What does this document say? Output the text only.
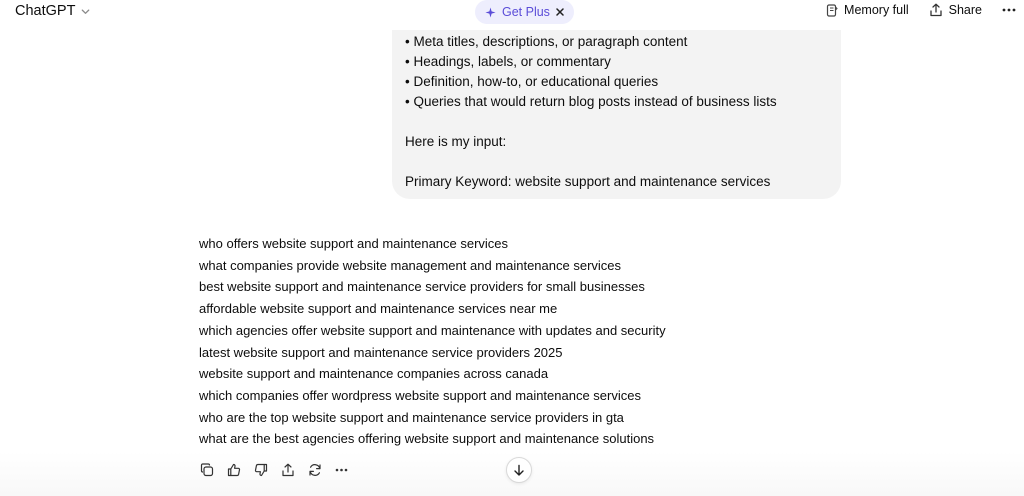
ChatGPT	Get Plus	Memory full	Share
• Meta titles, descriptions, or paragraph content
• Headings, labels, or commentary
• Definition, how-to, or educational queries
• Queries that would return blog posts instead of business lists
Here is my input:
Primary Keyword: website support and maintenance services
who offers website support and maintenance services
what companies provide website management and maintenance services
best website support and maintenance service providers for small businesses
affordable website support and maintenance services near me
which agencies offer website support and maintenance with updates and security
latest website support and maintenance service providers 2025
website support and maintenance companies across canada
which companies offer wordpress website support and maintenance services
who are the top website support and maintenance service providers in gta
what are the best agencies offering website support and maintenance solutions
